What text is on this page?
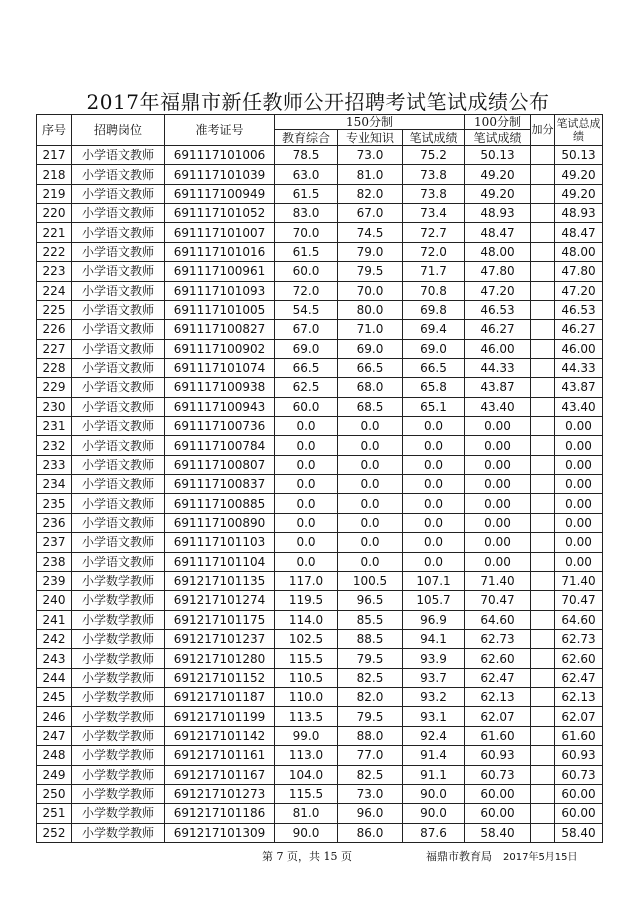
2017年福鼎市新任教师公开招聘考试笔试成绩公布
序号	招聘岗位	准考证号	150分制			100分制	加分	笔试总成绩
			教育综合	专业知识	笔试成绩	笔试成绩		
217	小学语文教师	691117101006	78.5	73.0	75.2	50.13		50.13
218	小学语文教师	691117101039	63.0	81.0	73.8	49.20		49.20
219	小学语文教师	691117100949	61.5	82.0	73.8	49.20		49.20
220	小学语文教师	691117101052	83.0	67.0	73.4	48.93		48.93
221	小学语文教师	691117101007	70.0	74.5	72.7	48.47		48.47
222	小学语文教师	691117101016	61.5	79.0	72.0	48.00		48.00
223	小学语文教师	691117100961	60.0	79.5	71.7	47.80		47.80
224	小学语文教师	691117101093	72.0	70.0	70.8	47.20		47.20
225	小学语文教师	691117101005	54.5	80.0	69.8	46.53		46.53
226	小学语文教师	691117100827	67.0	71.0	69.4	46.27		46.27
227	小学语文教师	691117100902	69.0	69.0	69.0	46.00		46.00
228	小学语文教师	691117101074	66.5	66.5	66.5	44.33		44.33
229	小学语文教师	691117100938	62.5	68.0	65.8	43.87		43.87
230	小学语文教师	691117100943	60.0	68.5	65.1	43.40		43.40
231	小学语文教师	691117100736	0.0	0.0	0.0	0.00		0.00
232	小学语文教师	691117100784	0.0	0.0	0.0	0.00		0.00
233	小学语文教师	691117100807	0.0	0.0	0.0	0.00		0.00
234	小学语文教师	691117100837	0.0	0.0	0.0	0.00		0.00
235	小学语文教师	691117100885	0.0	0.0	0.0	0.00		0.00
236	小学语文教师	691117100890	0.0	0.0	0.0	0.00		0.00
237	小学语文教师	691117101103	0.0	0.0	0.0	0.00		0.00
238	小学语文教师	691117101104	0.0	0.0	0.0	0.00		0.00
239	小学数学教师	691217101135	117.0	100.5	107.1	71.40		71.40
240	小学数学教师	691217101274	119.5	96.5	105.7	70.47		70.47
241	小学数学教师	691217101175	114.0	85.5	96.9	64.60		64.60
242	小学数学教师	691217101237	102.5	88.5	94.1	62.73		62.73
243	小学数学教师	691217101280	115.5	79.5	93.9	62.60		62.60
244	小学数学教师	691217101152	110.5	82.5	93.7	62.47		62.47
245	小学数学教师	691217101187	110.0	82.0	93.2	62.13		62.13
246	小学数学教师	691217101199	113.5	79.5	93.1	62.07		62.07
247	小学数学教师	691217101142	99.0	88.0	92.4	61.60		61.60
248	小学数学教师	691217101161	113.0	77.0	91.4	60.93		60.93
249	小学数学教师	691217101167	104.0	82.5	91.1	60.73		60.73
250	小学数学教师	691217101273	115.5	73.0	90.0	60.00		60.00
251	小学数学教师	691217101186	81.0	96.0	90.0	60.00		60.00
252	小学数学教师	691217101309	90.0	86.0	87.6	58.40		58.40
第 7 页，共 15 页	福鼎市教育局 2017年5月15日
